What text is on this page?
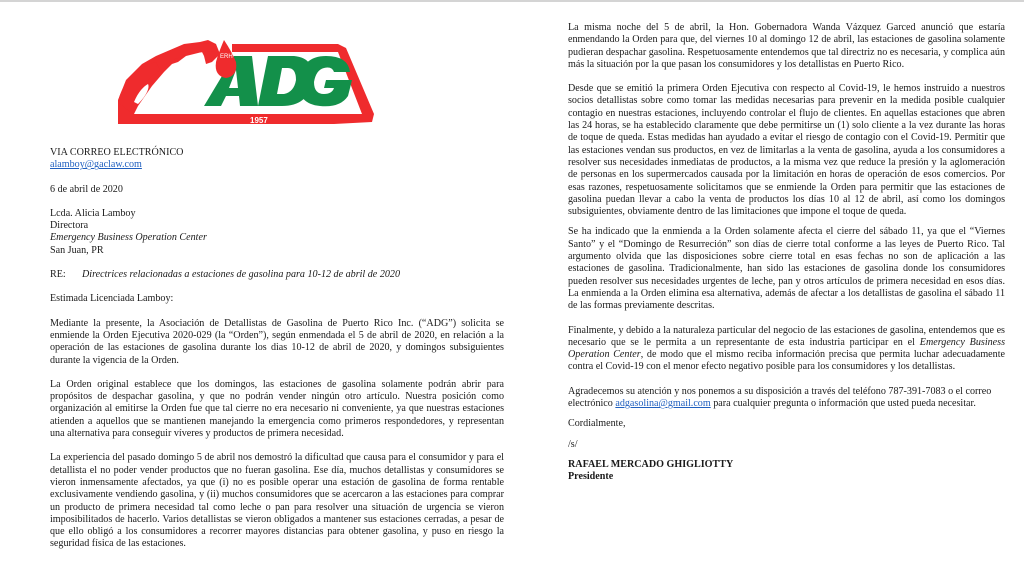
ERH
1957

VIA CORREO ELECTRÓNICO

alamboy@gaclaw.com

6 de abril de 2020

Lcda. Alicia Lamboy

Directora

Emergency Business Operation Center

San Juan, PR

RE:	Directrices relacionadas a estaciones de gasolina para 10-12 de abril de 2020

Estimada Licenciada Lamboy:

Mediante la presente, la Asociación de Detallistas de Gasolina de Puerto Rico Inc. (“ADG”) solicita se enmiende la Orden Ejecutiva 2020-029 (la “Orden”), según enmendada el 5 de abril de 2020, en relación a la operación de las estaciones de gasolina durante los dias 10-12 de abril de 2020, y domingos subsiguientes durante la vigencia de la Orden.

La Orden original establece que los domingos, las estaciones de gasolina solamente podrán abrir para propósitos de despachar gasolina, y que no podrán vender ningún otro artículo. Nuestra posición como organización al emitirse la Orden fue que tal cierre no era necesario ni conveniente, ya que nuestras estaciones atienden a aquellos que se mantienen manejando la emergencia como primeros respondedores, y representan una alternativa para conseguir víveres y productos de primera necesidad.

La experiencia del pasado domingo 5 de abril nos demostró la dificultad que causa para el consumidor y para el detallista el no poder vender productos que no fueran gasolina. Ese día, muchos detallistas y consumidores se vieron inmensamente afectados, ya que (i) no es posible operar una estación de gasolina de forma rentable exclusivamente vendiendo gasolina, y (ii) muchos consumidores que se acercaron a las estaciones para comprar un producto de primera necesidad tal como leche o pan para resolver una situación de urgencia se vieron imposibilitados de hacerlo. Varios detallistas se vieron obligados a mantener sus estaciones cerradas, a pesar de que ello obligó a los consumidores a recorrer mayores distancias para obtener gasolina, y puso en riesgo la seguridad física de las estaciones.

La misma noche del 5 de abril, la Hon. Gobernadora Wanda Vázquez Garced anunció que estaría enmendando la Orden para que, del viernes 10 al domingo 12 de abril, las estaciones de gasolina solamente pudieran despachar gasolina. Respetuosamente entendemos que tal directriz no es necesaria, y complica aún más la situación por la que pasan los consumidores y los detallistas en Puerto Rico.

Desde que se emitió la primera Orden Ejecutiva con respecto al Covid-19, le hemos instruido a nuestros socios detallistas sobre como tomar las medidas necesarias para prevenir en la medida posible cualquier contagio en nuestras estaciones, incluyendo controlar el flujo de clientes. En aquellas estaciones que abren las 24 horas, se ha establecido claramente que debe permitirse un (1) solo cliente a la vez durante las horas de toque de queda. Estas medidas han ayudado a evitar el riesgo de contagio con el Covid-19. Permitir que las estaciones vendan sus productos, en vez de limitarlas a la venta de gasolina, ayuda a los consumidores a resolver sus necesidades inmediatas de productos, a la misma vez que reduce la presión y la aglomeración de personas en los supermercados causada por la limitación en horas de operación de esos comercios. Por esas razones, respetuosamente solicitamos que se enmiende la Orden para permitir que las estaciones de gasolina puedan llevar a cabo la venta de productos los días 10 al 12 de abril, así como los domingos subsiguientes, obviamente dentro de las limitaciones que impone el toque de queda.

Se ha indicado que la enmienda a la Orden solamente afecta el cierre del sábado 11, ya que el “Viernes Santo” y el “Domingo de Resurreción” son días de cierre total conforme a las leyes de Puerto Rico. Tal argumento olvida que las disposiciones sobre cierre total en esas fechas no son de aplicación a las estaciones de gasolina. Tradicionalmente, han sido las estaciones de gasolina donde los consumidores pueden resolver sus necesidades urgentes de leche, pan y otros artículos de primera necesidad en esos días. La enmienda a la Orden elimina esa alternativa, además de afectar a los detallistas de gasolina el sábado 11 de las formas previamente descritas.

Finalmente, y debido a la naturaleza particular del negocio de las estaciones de gasolina, entendemos que es necesario que se le permita a un representante de esta industria participar en el Emergency Business Operation Center, de modo que el mismo reciba información precisa que permita luchar adecuadamente contra el Covid-19 con el menor efecto negativo posible para los consumidores y los detallistas.

Agradecemos su atención y nos ponemos a su disposición a través del teléfono 787-391-7083 o el correo electrónico adgasolina@gmail.com para cualquier pregunta o información que usted pueda necesitar.

Cordialmente,

/s/

RAFAEL MERCADO GHIGLIOTTY

Presidente
